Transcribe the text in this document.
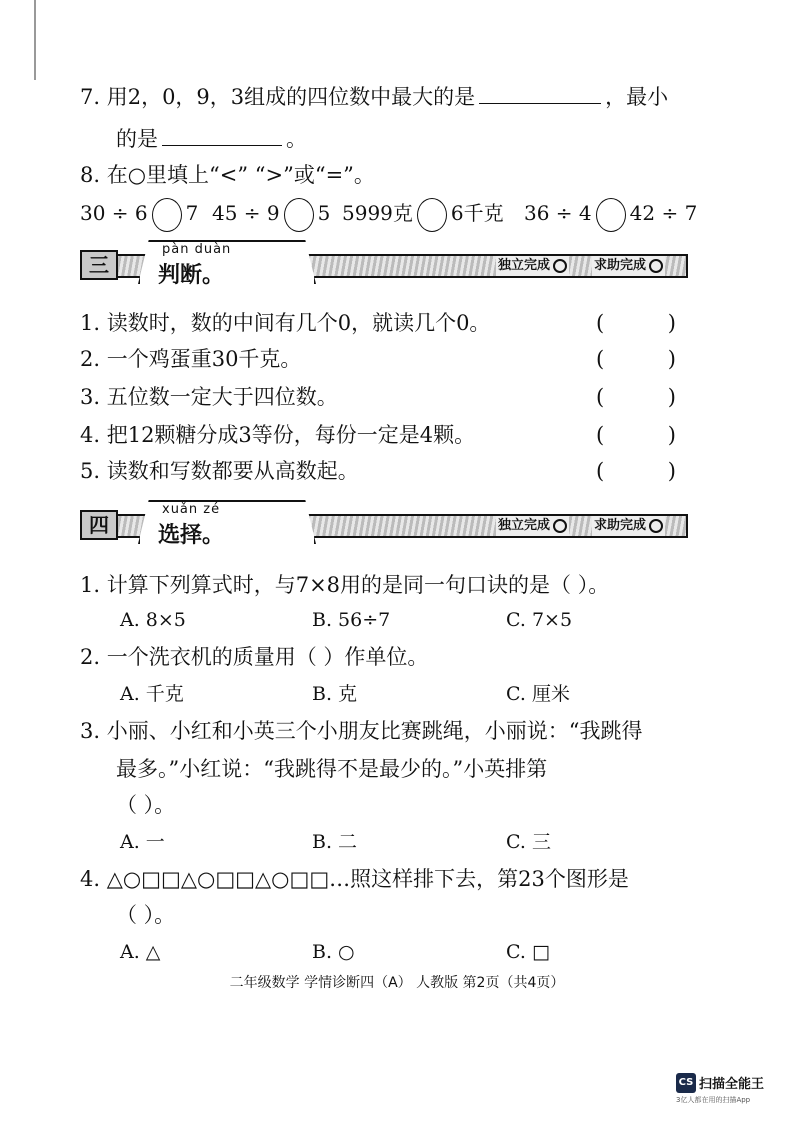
7. 用2，0，9，3组成的四位数中最大的是	，最小
的是	。
8. 在○里填上“<” “>”或“=”。
30 ÷ 6 7 45 ÷ 9 5 5999克 6千克 36 ÷ 4 42 ÷ 7
三
pàn duàn
判断。	独立完成	求助完成
1. 读数时，数的中间有几个0，就读几个0。	(	)
2. 一个鸡蛋重30千克。	(	)
3. 五位数一定大于四位数。	(	)
4. 把12颗糖分成3等份，每份一定是4颗。	(	)
5. 读数和写数都要从高数起。	(	)
四
xuǎn zé
选择。	独立完成	求助完成
1. 计算下列算式时，与7×8用的是同一句口诀的是（ ）。
A. 8×5	B. 56÷7	C. 7×5
2. 一个洗衣机的质量用（ ）作单位。
A. 千克	B. 克	C. 厘米
3. 小丽、小红和小英三个小朋友比赛跳绳，小丽说：“我跳得
最多。”小红说：“我跳得不是最少的。”小英排第
（ ）。
A. 一	B. 二	C. 三
4. △○□□△○□□△○□□…照这样排下去，第23个图形是
（ ）。
A. △	B. ○	C. □
二年级数学 学情诊断四（A） 人教版 第2页（共4页）
CS 扫描全能王
3亿人都在用的扫描App
